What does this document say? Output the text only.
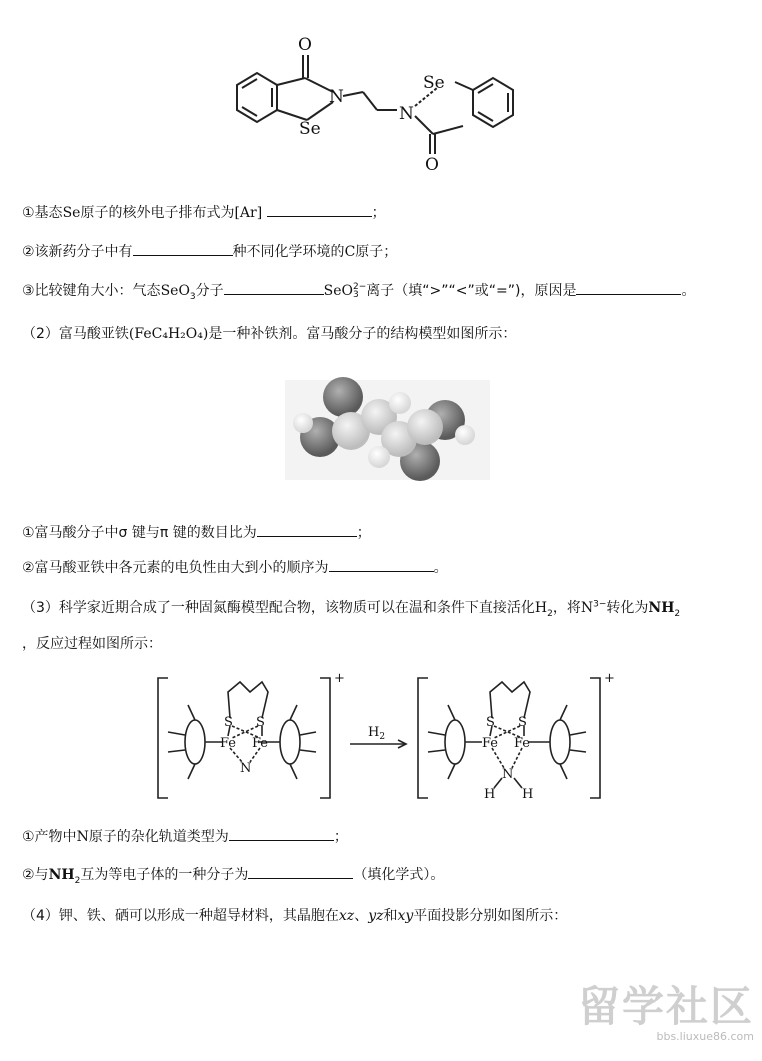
O
N
Se
Se
N
O
①基态Se原子的核外电子排布式为[Ar]	；
②该新药分子中有	种不同化学环境的C原子；
③比较键角大小：气态SeO$_3$分子	SeO2−
3 离子（填“>”“<”或“=”)，原因是	。
（2）富马酸亚铁(FeC₄H₂O₄)是一种补铁剂。富马酸分子的结构模型如图所示：
①富马酸分子中σ 键与π 键的数目比为	；
②富马酸亚铁中各元素的电负性由大到小的顺序为	。
（3）科学家近期合成了一种固氮酶模型配合物，该物质可以在温和条件下直接活化$H_2$，将$N^{3-}$转化为$NH_2$
，反应过程如图所示：
+
S S
Fe Fe
N
$H_2$
+
S S
Fe Fe
N
H H
①产物中N原子的杂化轨道类型为	；
②与$NH_2$互为等电子体的一种分子为	（填化学式）。
（4）钾、铁、硒可以形成一种超导材料，其晶胞在xz、yz和xy平面投影分别如图所示：
留学社区
bbs.liuxue86.com
